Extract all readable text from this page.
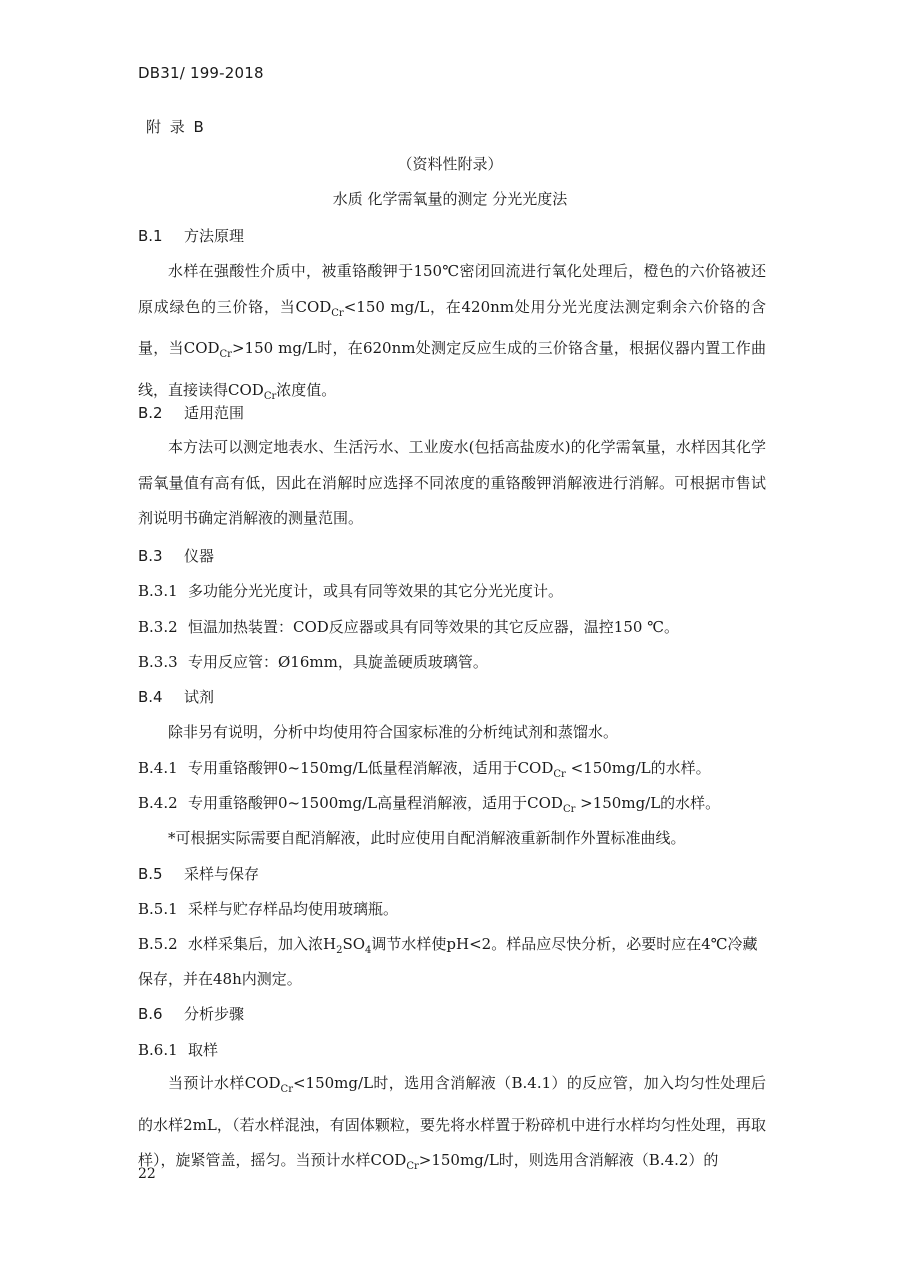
DB31/ 199-2018
附 录 B
（资料性附录）
水质 化学需氧量的测定 分光光度法
B.1 方法原理
水样在强酸性介质中，被重铬酸钾于150℃密闭回流进行氧化处理后，橙色的六价铬被还原成绿色的三价铬，当$COD_{Cr}<150$ mg/L，在420nm处用分光光度法测定剩余六价铬的含量，当$COD_{Cr}>150$ mg/L时，在620nm处测定反应生成的三价铬含量，根据仪器内置工作曲线，直接读得$COD_{Cr}$浓度值。
B.2 适用范围
本方法可以测定地表水、生活污水、工业废水(包括高盐废水)的化学需氧量，水样因其化学需氧量值有高有低，因此在消解时应选择不同浓度的重铬酸钾消解液进行消解。可根据市售试剂说明书确定消解液的测量范围。
B.3 仪器
B.3.1 多功能分光光度计，或具有同等效果的其它分光光度计。
B.3.2 恒温加热装置：COD反应器或具有同等效果的其它反应器，温控150 ℃。
B.3.3 专用反应管：Ø16mm，具旋盖硬质玻璃管。
B.4 试剂
除非另有说明，分析中均使用符合国家标准的分析纯试剂和蒸馏水。
B.4.1 专用重铬酸钾0~150mg/L低量程消解液，适用于$COD_{Cr} <150mg/L$的水样。
B.4.2 专用重铬酸钾0~1500mg/L高量程消解液，适用于$COD_{Cr} >150mg/L$的水样。
*可根据实际需要自配消解液，此时应使用自配消解液重新制作外置标准曲线。
B.5 采样与保存
B.5.1 采样与贮存样品均使用玻璃瓶。
B.5.2 水样采集后，加入浓$H_2SO_4$调节水样使pH<2。样品应尽快分析，必要时应在4℃冷藏
保存，并在48h内测定。
B.6 分析步骤
B.6.1 取样
当预计水样$COD_{Cr}<150mg/L$时，选用含消解液（B.4.1）的反应管，加入均匀性处理后的水样2mL，（若水样混浊，有固体颗粒，要先将水样置于粉碎机中进行水样均匀性处理，再取样），旋紧管盖，摇匀。当预计水样$COD_{Cr}>150mg/L$时，则选用含消解液（B.4.2）的
22
